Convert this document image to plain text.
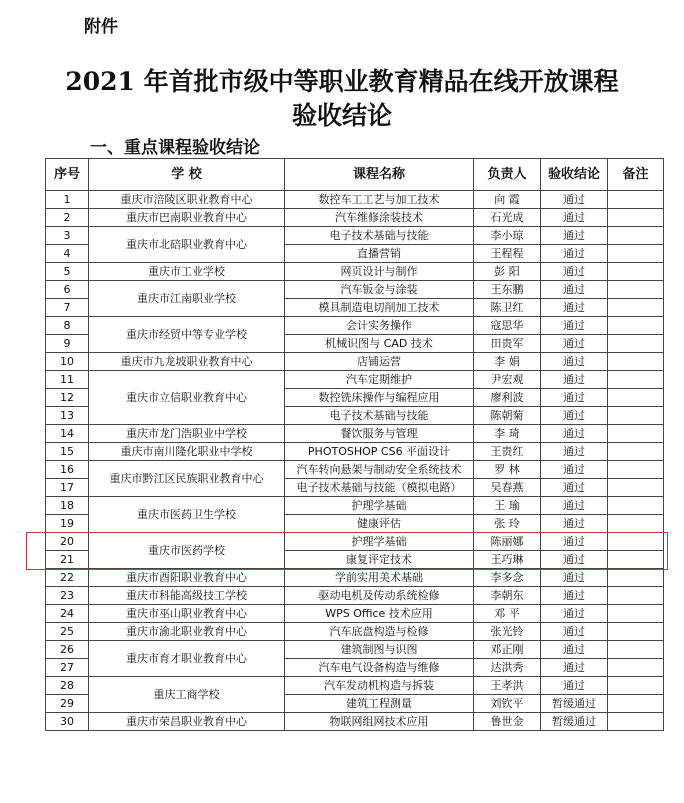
附件
2021 年首批市级中等职业教育精品在线开放课程
验收结论
一、重点课程验收结论
序号	学 校	课程名称	负责人	验收结论	备注
1	重庆市涪陵区职业教育中心	数控车工工艺与加工技术	向 霞	通过	
2	重庆市巴南职业教育中心	汽车维修涂装技术	石光成	通过	
3	重庆市北碚职业教育中心	电子技术基础与技能	李小琼	通过	
4		直播营销	王程程	通过	
5	重庆市工业学校	网页设计与制作	彭 阳	通过	
6	重庆市江南职业学校	汽车钣金与涂装	王东鹏	通过	
7		模具制造电切削加工技术	陈卫红	通过	
8	重庆市经贸中等专业学校	会计实务操作	寇思华	通过	
9		机械识图与 CAD 技术	田贵军	通过	
10	重庆市九龙坡职业教育中心	店铺运营	李 娟	通过	
11	重庆市立信职业教育中心	汽车定期维护	尹宏观	通过	
12		数控铣床操作与编程应用	廖利波	通过	
13		电子技术基础与技能	陈朝菊	通过	
14	重庆市龙门浩职业中学校	餐饮服务与管理	李 琦	通过	
15	重庆市南川隆化职业中学校	PHOTOSHOP CS6 平面设计	王贵红	通过	
16	重庆市黔江区民族职业教育中心	汽车转向悬架与制动安全系统技术	罗 林	通过	
17		电子技术基础与技能（模拟电路）	吴春燕	通过	
18	重庆市医药卫生学校	护理学基础	王 瑜	通过	
19		健康评估	张 玲	通过	
20	重庆市医药学校	护理学基础	陈丽娜	通过	
21		康复评定技术	王巧琳	通过	
22	重庆市酉阳职业教育中心	学前实用美术基础	李多念	通过	
23	重庆市科能高级技工学校	驱动电机及传动系统检修	李朝东	通过	
24	重庆市巫山职业教育中心	WPS Office 技术应用	邓 平	通过	
25	重庆市渝北职业教育中心	汽车底盘构造与检修	张光铃	通过	
26	重庆市育才职业教育中心	建筑制图与识图	邓正刚	通过	
27		汽车电气设备构造与维修	达洪秀	通过	
28	重庆工商学校	汽车发动机构造与拆装	王孝洪	通过	
29		建筑工程测量	刘钦平	暂缓通过	
30	重庆市荣昌职业教育中心	物联网组网技术应用	鲁世金	暂缓通过	
